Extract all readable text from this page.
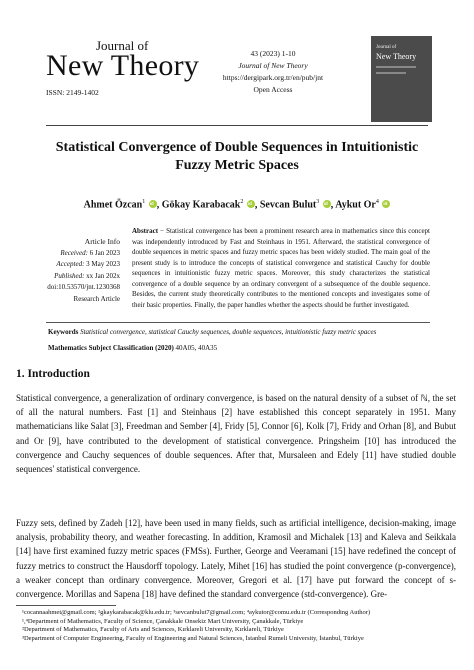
Journal of
New Theory
ISSN: 2149-1402
43 (2023) 1-10
Journal of New Theory
https://dergipark.org.tr/en/pub/jnt
Open Access
Journal of
New Theory
Statistical Convergence of Double Sequences in Intuitionistic
Fuzzy Metric Spaces
Ahmet Özcan$^1$ id , Gökay Karabacak$^2$ id , Sevcan Bulut$^3$ id , Aykut Or$^4$ id
Article Info
Received: 6 Jan 2023
Accepted: 3 May 2023
Published: xx Jan 202x
doi:10.53570/jnt.1230368
Research Article
Abstract − Statistical convergence has been a prominent research area in mathematics since this concept was independently introduced by Fast and Steinhaus in 1951. Afterward, the statistical convergence of double sequences in metric spaces and fuzzy metric spaces has been widely studied. The main goal of the present study is to introduce the concepts of statistical convergence and statistical Cauchy for double sequences in intuitionistic fuzzy metric spaces. Moreover, this study characterizes the statistical convergence of a double sequence by an ordinary convergent of a subsequence of the double sequence. Besides, the current study theoretically contributes to the mentioned concepts and investigates some of their basic properties. Finally, the paper handles whether the aspects should be further investigated.
Keywords Statistical convergence, statistical Cauchy sequences, double sequences, intuitionistic fuzzy metric spaces
Mathematics Subject Classification (2020) 40A05, 40A35
1. Introduction
Statistical convergence, a generalization of ordinary convergence, is based on the natural density of a subset of ℕ, the set of all the natural numbers. Fast [1] and Steinhaus [2] have established this concept separately in 1951. Many mathematicians like Salat [3], Freedman and Sember [4], Fridy [5], Connor [6], Kolk [7], Fridy and Orhan [8], and Bubut and Or [9], have contributed to the development of statistical convergence. Pringsheim [10] has introduced the convergence and Cauchy sequences of double sequences. After that, Mursaleen and Edely [11] have studied double sequences' statistical convergence.
Fuzzy sets, defined by Zadeh [12], have been used in many fields, such as artificial intelligence, decision-making, image analysis, probability theory, and weather forecasting. In addition, Kramosil and Michalek [13] and Kaleva and Seikkala [14] have first examined fuzzy metric spaces (FMSs). Further, George and Veeramani [15] have redefined the concept of fuzzy metrics to construct the Hausdorff topology. Lately, Mihet [16] has studied the point convergence (p-convergence), a weaker concept than ordinary convergence. Moreover, Gregori et al. [17] have put forward the concept of s-convergence. Morillas and Sapena [18] have defined the standard convergence (std-convergence). Gre-
¹cocannaahmet@gmail.com; ²gkaykarabacak@klu.edu.tr; ³sevcanbulut7@gmail.com; ⁴aykutor@comu.edu.tr (Corresponding Author)
¹,⁴Department of Mathematics, Faculty of Science, Çanakkale Onsekiz Mart University, Çanakkale, Türkiye
²Department of Mathematics, Faculty of Arts and Sciences, Kırklareli University, Kırklareli, Türkiye
³Department of Computer Engineering, Faculty of Engineering and Natural Sciences, İstanbul Rumeli University, İstanbul, Türkiye
